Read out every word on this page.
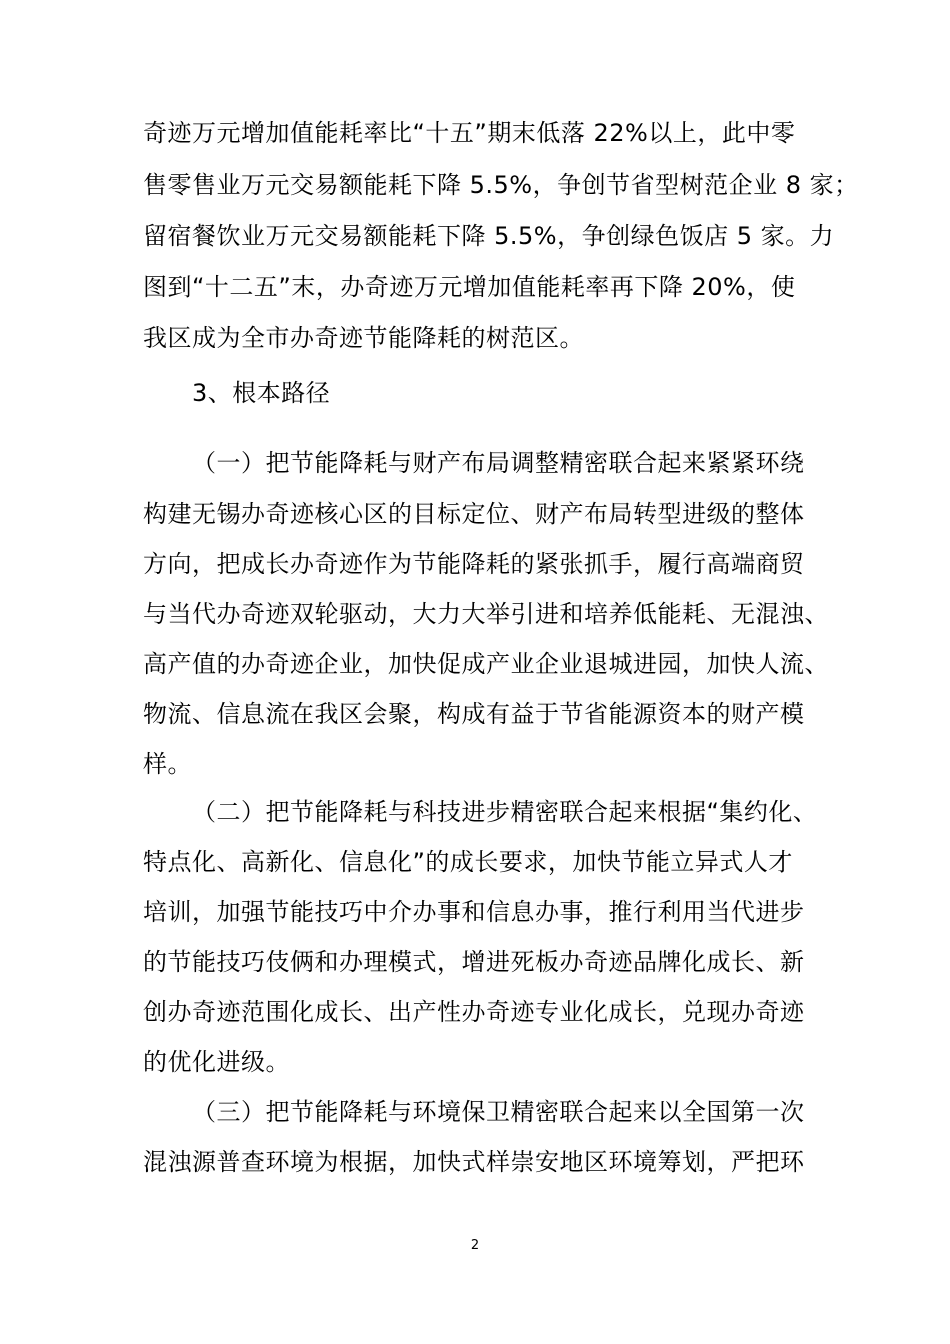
奇迹万元增加值能耗率比“十五”期末低落 22%以上，此中零
售零售业万元交易额能耗下降 5.5%，争创节省型树范企业 8 家；
留宿餐饮业万元交易额能耗下降 5.5%，争创绿色饭店 5 家。力
图到“十二五”末，办奇迹万元增加值能耗率再下降 20%，使
我区成为全市办奇迹节能降耗的树范区。
3、根本路径
（一）把节能降耗与财产布局调整精密联合起来紧紧环绕
构建无锡办奇迹核心区的目标定位、财产布局转型进级的整体
方向，把成长办奇迹作为节能降耗的紧张抓手，履行高端商贸
与当代办奇迹双轮驱动，大力大举引进和培养低能耗、无混浊、
高产值的办奇迹企业，加快促成产业企业退城进园，加快人流、
物流、信息流在我区会聚，构成有益于节省能源资本的财产模
样。
（二）把节能降耗与科技进步精密联合起来根据“集约化、
特点化、高新化、信息化”的成长要求，加快节能立异式人才
培训，加强节能技巧中介办事和信息办事，推行利用当代进步
的节能技巧伎俩和办理模式，增进死板办奇迹品牌化成长、新
创办奇迹范围化成长、出产性办奇迹专业化成长，兑现办奇迹
的优化进级。
（三）把节能降耗与环境保卫精密联合起来以全国第一次
混浊源普查环境为根据，加快式样崇安地区环境筹划，严把环
2
